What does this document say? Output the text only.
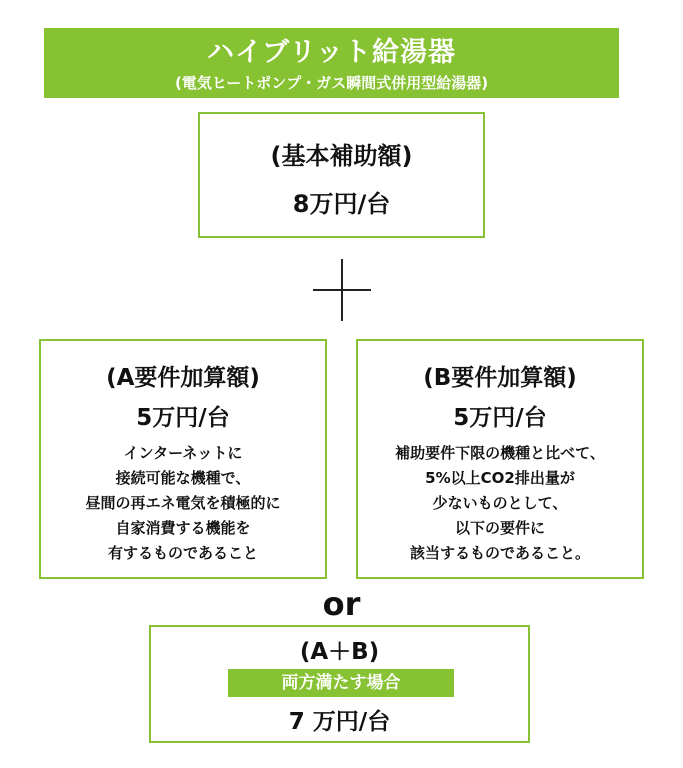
ハイブリット給湯器
(電気ヒートポンプ・ガス瞬間式併用型給湯器)
(基本補助額)
8万円/台
(A要件加算額)
5万円/台
インターネットに
接続可能な機種で、
昼間の再エネ電気を積極的に
自家消費する機能を
有するものであること
(B要件加算額)
5万円/台
補助要件下限の機種と比べて、
5%以上CO2排出量が
少ないものとして、
以下の要件に
該当するものであること。
or
(A＋B)
両方満たす場合
7 万円/台
